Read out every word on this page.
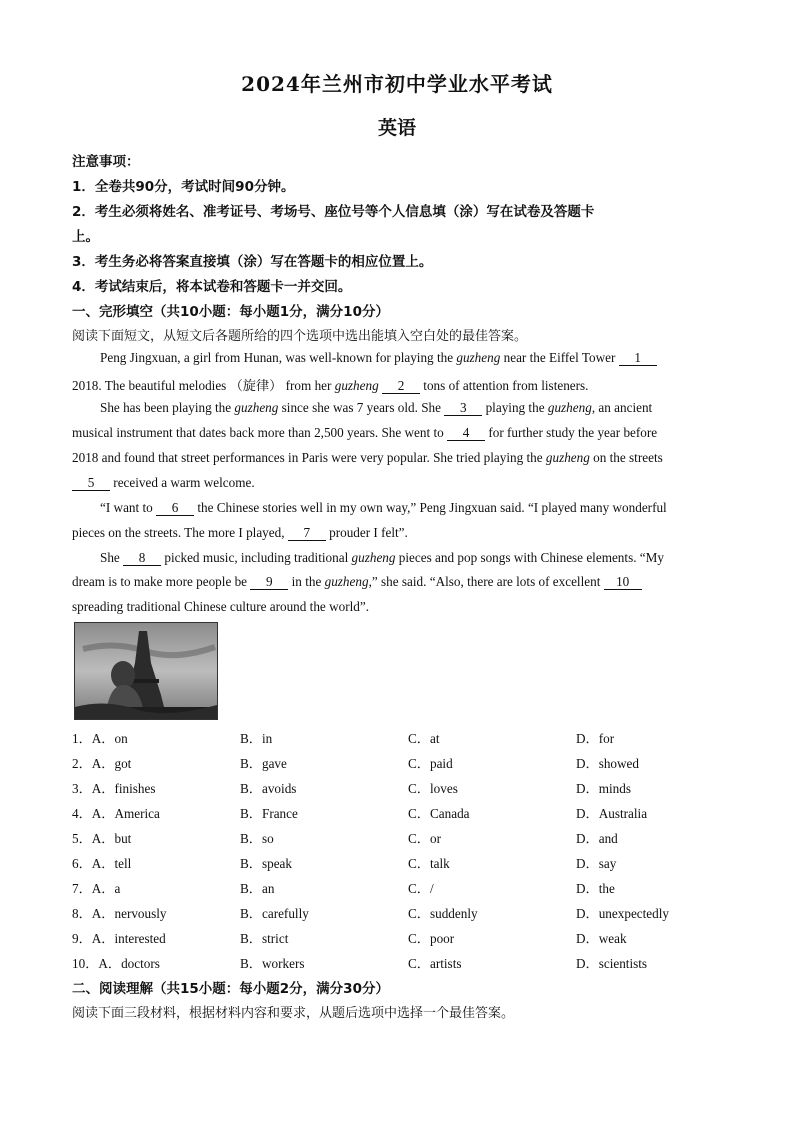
2024年兰州市初中学业水平考试
英语
注意事项：
1．全卷共90分，考试时间90分钟。
2．考生必须将姓名、准考证号、考场号、座位号等个人信息填（涂）写在试卷及答题卡
上。
3．考生务必将答案直接填（涂）写在答题卡的相应位置上。
4．考试结束后，将本试卷和答题卡一并交回。
一、完形填空（共10小题：每小题1分，满分10分）
阅读下面短文，从短文后各题所给的四个选项中选出能填入空白处的最佳答案。
Peng Jingxuan, a girl from Hunan, was well-known for playing the guzheng near the Eiffel Tower 1
2018. The beautiful melodies （旋律） from her guzheng 2 tons of attention from listeners.
She has been playing the guzheng since she was 7 years old. She 3 playing the guzheng, an ancient
musical instrument that dates back more than 2,500 years. She went to 4 for further study the year before
2018 and found that street performances in Paris were very popular. She tried playing the guzheng on the streets
5 received a warm welcome.
“I want to 6 the Chinese stories well in my own way,” Peng Jingxuan said. “I played many wonderful
pieces on the streets. The more I played, 7 prouder I felt”.
She 8 picked music, including traditional guzheng pieces and pop songs with Chinese elements. “My
dream is to make more people be 9 in the guzheng,” she said. “Also, there are lots of excellent 10
spreading traditional Chinese culture around the world”.
1．A．on	B．in	C．at	D．for
2．A．got	B．gave	C．paid	D．showed
3．A．finishes	B．avoids	C．loves	D．minds
4．A．America	B．France	C．Canada	D．Australia
5．A．but	B．so	C．or	D．and
6．A．tell	B．speak	C．talk	D．say
7．A．a	B．an	C．/	D．the
8．A．nervously	B．carefully	C．suddenly	D．unexpectedly
9．A．interested	B．strict	C．poor	D．weak
10．A．doctors	B．workers	C．artists	D．scientists
二、阅读理解（共15小题：每小题2分，满分30分）
阅读下面三段材料，根据材料内容和要求，从题后选项中选择一个最佳答案。
